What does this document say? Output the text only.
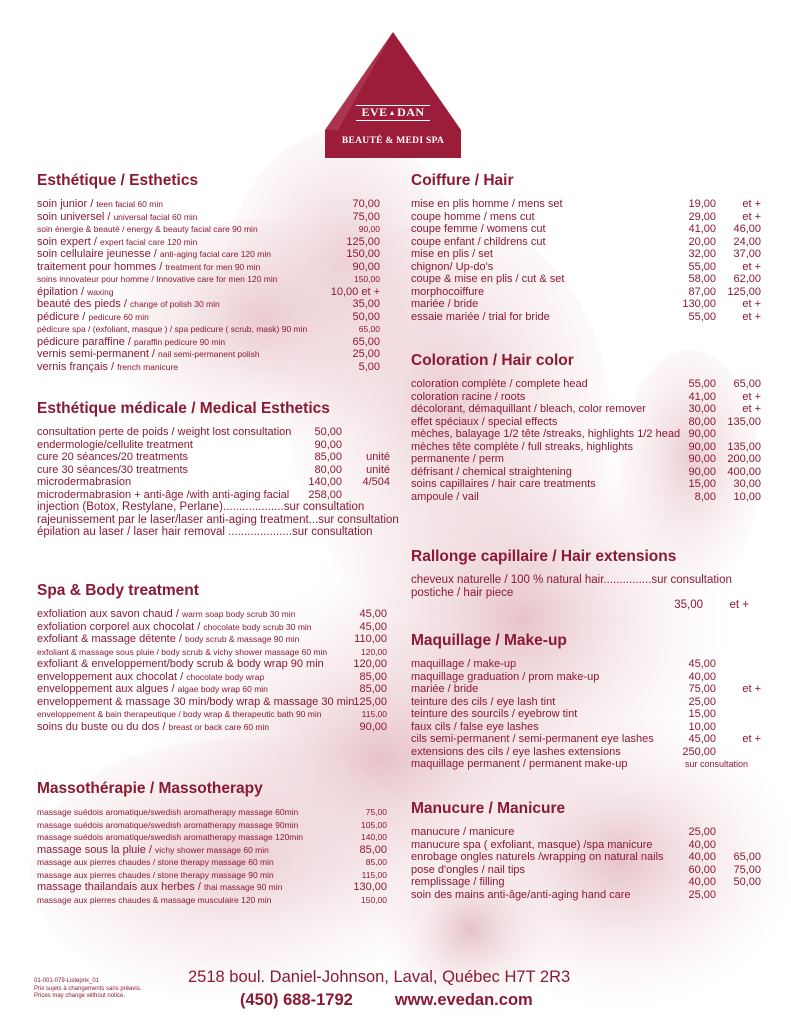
EVE▲DAN
BEAUTÉ & MEDI SPA
Esthétique / Esthetics
soin junior / teen facial 60 min	70,00
soin universel / universal facial 60 min	75,00
soin énergie & beauté / energy & beauty facial care 90 min	90,00
soin expert / expert facial care 120 min	125,00
soin cellulaire jeunesse / anti-aging facial care 120 min	150,00
traitement pour hommes / treatment for men 90 min	90,00
soins innovateur pour homme / Innovative care for men 120 min	150,00
épilation / waxing	10,00 et +
beauté des pieds / change of polish 30 min	35,00
pédicure / pedicure 60 min	50,00
pédicure spa / (exfoliant, masque ) / spa pedicure ( scrub, mask) 90 min	65,00
pédicure paraffine / paraffin pedicure 90 min	65,00
vernis semi-permanent / nail semi-permanent polish	25,00
vernis français / french manicure	5,00
Esthétique médicale / Medical Esthetics
consultation perte de poids / weight lost consultation 50,00
endermologie/cellulite treatment	90,00
cure 20 séances/20 treatments	85,00 unité
cure 30 séances/30 treatments	80,00 unité
microdermabrasion	140,00 4/504
microdermabrasion + anti-âge /with anti-aging facial 258,00
injection (Botox, Restylane, Perlane)...................sur consultation
rajeunissement par le laser/laser anti-aging treatment...sur consultation
épilation au laser / laser hair removal ....................sur consultation
Spa & Body treatment
exfoliation aux savon chaud / warm soap body scrub 30 min	45,00
exfoliation corporel aux chocolat / chocolate body scrub 30 min	45,00
exfoliant & massage détente / body scrub & massage 90 min	110,00
exfoliant & massage sous pluie / body scrub & vichy shower massage 60 min	120,00
exfoliant & enveloppement/body scrub & body wrap 90 min	120,00
enveloppement aux chocolat / chocolate body wrap	85,00
enveloppement aux algues / algae body wrap 60 min	85,00
enveloppement & massage 30 min/body wrap & massage 30 min 125,00
enveloppement & bain therapeutique / body wrap & therapeutic bath 90 min	115,00
soins du buste ou du dos / breast or back care 60 min	90,00
Massothérapie / Massotherapy
massage suédois aromatique/swedish aromatherapy massage 60min	75,00
massage suédois aromatique/swedish aromatherapy massage 90min	105,00
massage suédois aromatique/swedish aromatherapy massage 120min	140,00
massage sous la pluie / vichy shower massage 60 min	85,00
massage aux pierres chaudes / stone therapy massage 60 min	85,00
massage aux pierres chaudes / stone therapy massage 90 min	115,00
massage thailandais aux herbes / thai massage 90 min	130,00
massage aux pierres chaudes & massage musculaire 120 min	150,00
Coiffure / Hair
mise en plis homme / mens set	19,00 et +
coupe homme / mens cut	29,00 et +
coupe femme / womens cut	41,00 46,00
coupe enfant / childrens cut	20,00 24,00
mise en plis / set	32,00 37,00
chignon/ Up-do's	55,00 et +
coupe & mise en plis / cut & set	58,00 62,00
morphocoiffure	87,00 125,00
mariée / bride	130,00 et +
essaie mariée / trial for bride	55,00 et +
Coloration / Hair color
coloration complète / complete head	55,00 65,00
coloration racine / roots	41,00 et +
décolorant, démaquillant / bleach, color remover	30,00 et +
effet spéciaux / special effects	80,00 135,00
mèches, balayage 1/2 tête /streaks, highlights 1/2 head 90,00
mèches tête complète / full streaks, highlights	90,00 135,00
permanente / perm	90,00 200,00
défrisant / chemical straightening	90,00 400,00
soins capillaires / hair care treatments	15,00 30,00
ampoule / vail	8,00 10,00
Rallonge capillaire / Hair extensions
cheveux naturelle / 100 % natural hair...............sur consultation
postiche / hair piece
35,00 et +
Maquillage / Make-up
maquillage / make-up	45,00
maquillage graduation / prom make-up	40,00
mariée / bride	75,00 et +
teinture des cils / eye lash tint	25,00
teinture des sourcils / eyebrow tint	15,00
faux cils / false eye lashes	10,00
cils semi-permanent / semi-permanent eye lashes	45,00 et +
extensions des cils / eye lashes extensions	250,00
maquillage permanent / permanent make-up	sur consultation
Manucure / Manicure
manucure / manicure	25,00
manucure spa ( exfoliant, masque) /spa manicure	40,00
enrobage ongles naturels /wrapping on natural nails 40,00 65,00
pose d'ongles / nail tips	60,00 75,00
remplissage / filling	40,00 50,00
soin des mains anti-âge/anti-aging hand care	25,00
01-001-079-Listeprix_01
Prix sujets à changements sans préavis.
Prices may change without notice.
2518 boul. Daniel-Johnson, Laval, Québec H7T 2R3
(450) 688-1792	www.evedan.com
